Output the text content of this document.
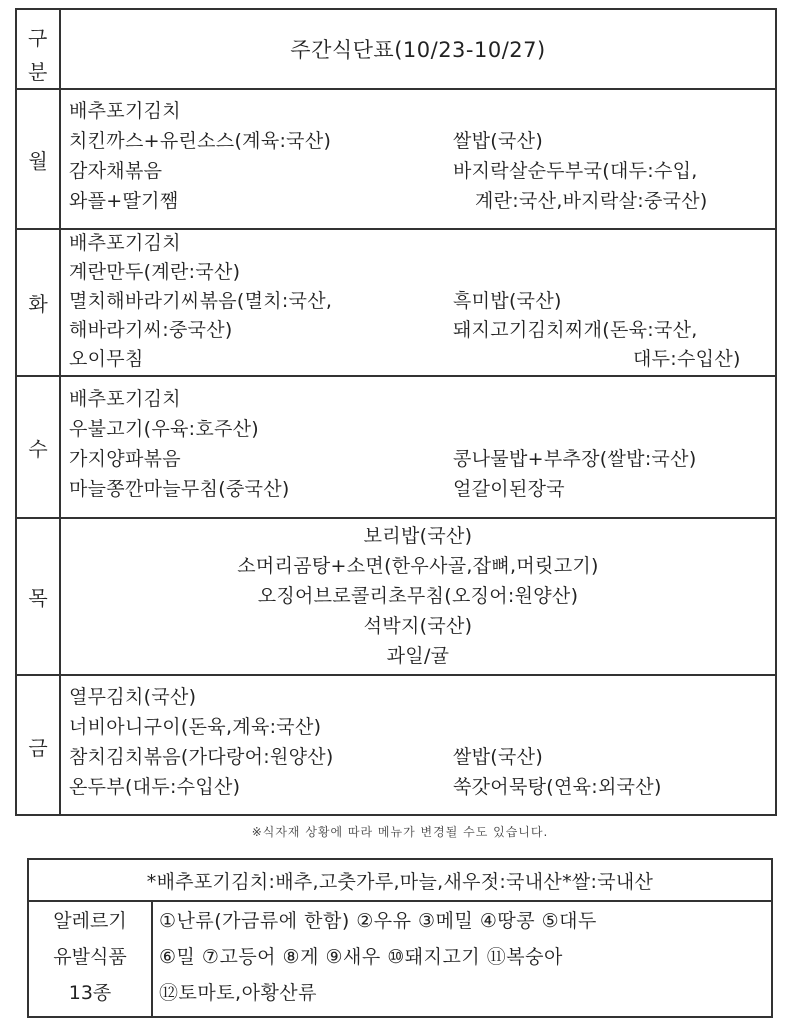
구
분
주간식단표(10/23-10/27)
월
배추포기김치
치킨까스+유린소스(계육:국산)
감자채볶음
와플+딸기쨈
쌀밥(국산)
바지락살순두부국(대두:수입,
계란:국산,바지락살:중국산)
화
배추포기김치
계란만두(계란:국산)
멸치해바라기씨볶음(멸치:국산,
해바라기씨:중국산)
오이무침
흑미밥(국산)
돼지고기김치찌개(돈육:국산,
대두:수입산)
수
배추포기김치
우불고기(우육:호주산)
가지양파볶음
마늘쫑깐마늘무침(중국산)
콩나물밥+부추장(쌀밥:국산)
얼갈이된장국
목
보리밥(국산)
소머리곰탕+소면(한우사골,잡뼈,머릿고기)
오징어브로콜리초무침(오징어:원양산)
석박지(국산)
과일/귤
금
열무김치(국산)
너비아니구이(돈육,계육:국산)
참치김치볶음(가다랑어:원양산)
온두부(대두:수입산)
쌀밥(국산)
쑥갓어묵탕(연육:외국산)
※식자재 상황에 따라 메뉴가 변경될 수도 있습니다.
*배추포기김치:배추,고춧가루,마늘,새우젓:국내산*쌀:국내산
알레르기
유발식품
13종
①난류(가금류에 한함) ②우유 ③메밀 ④땅콩 ⑤대두
⑥밀 ⑦고등어 ⑧게 ⑨새우 ⑩돼지고기 ⑪복숭아
⑫토마토,아황산류
